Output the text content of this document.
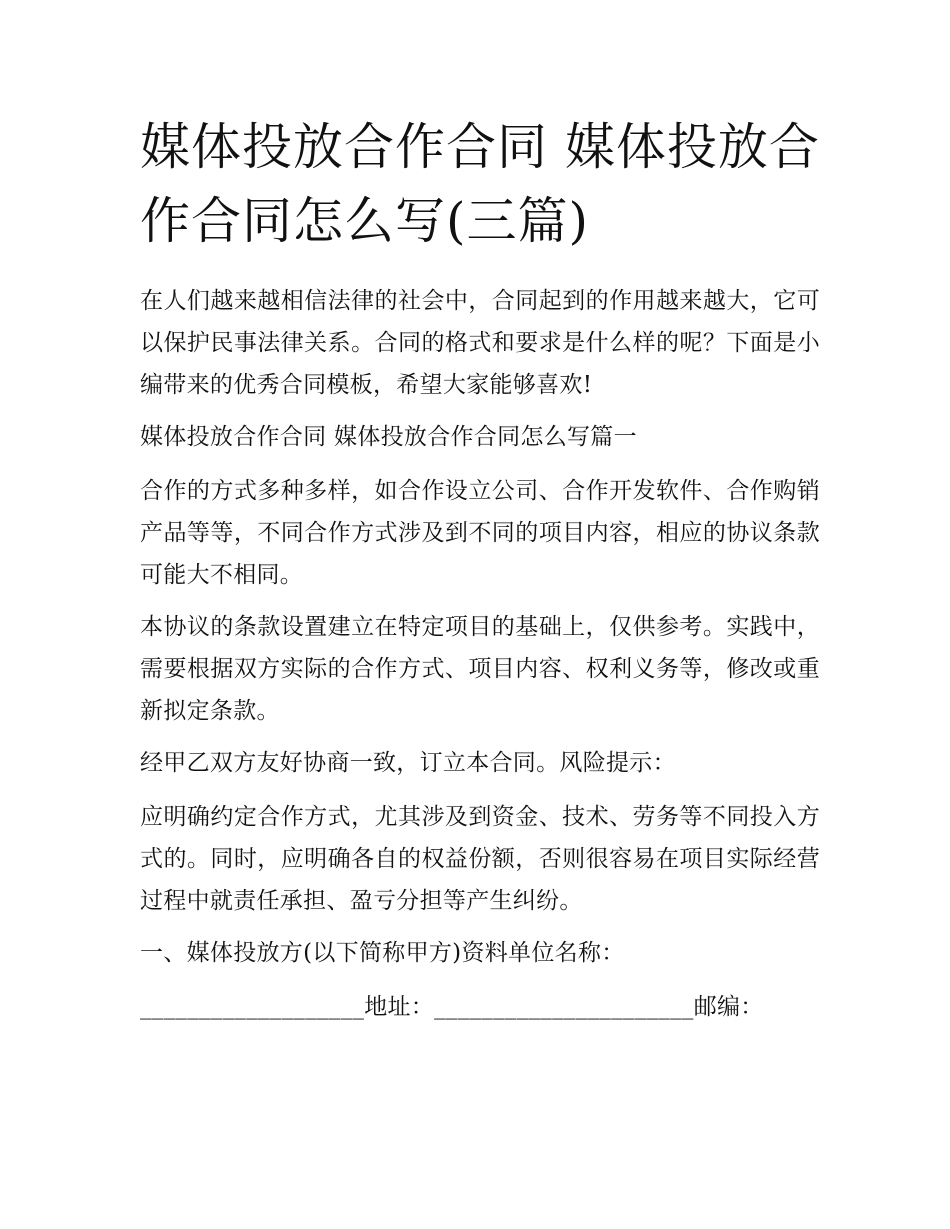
媒体投放合作合同 媒体投放合作合同怎么写(三篇)

在人们越来越相信法律的社会中，合同起到的作用越来越大，它可以保护民事法律关系。合同的格式和要求是什么样的呢？下面是小编带来的优秀合同模板，希望大家能够喜欢!

媒体投放合作合同 媒体投放合作合同怎么写篇一

合作的方式多种多样，如合作设立公司、合作开发软件、合作购销产品等等，不同合作方式涉及到不同的项目内容，相应的协议条款可能大不相同。

本协议的条款设置建立在特定项目的基础上，仅供参考。实践中，需要根据双方实际的合作方式、项目内容、权利义务等，修改或重新拟定条款。

经甲乙双方友好协商一致，订立本合同。风险提示：

应明确约定合作方式，尤其涉及到资金、技术、劳务等不同投入方式的。同时，应明确各自的权益份额，否则很容易在项目实际经营过程中就责任承担、盈亏分担等产生纠纷。

一、媒体投放方(以下简称甲方)资料单位名称：

___________________地址：______________________邮编：
